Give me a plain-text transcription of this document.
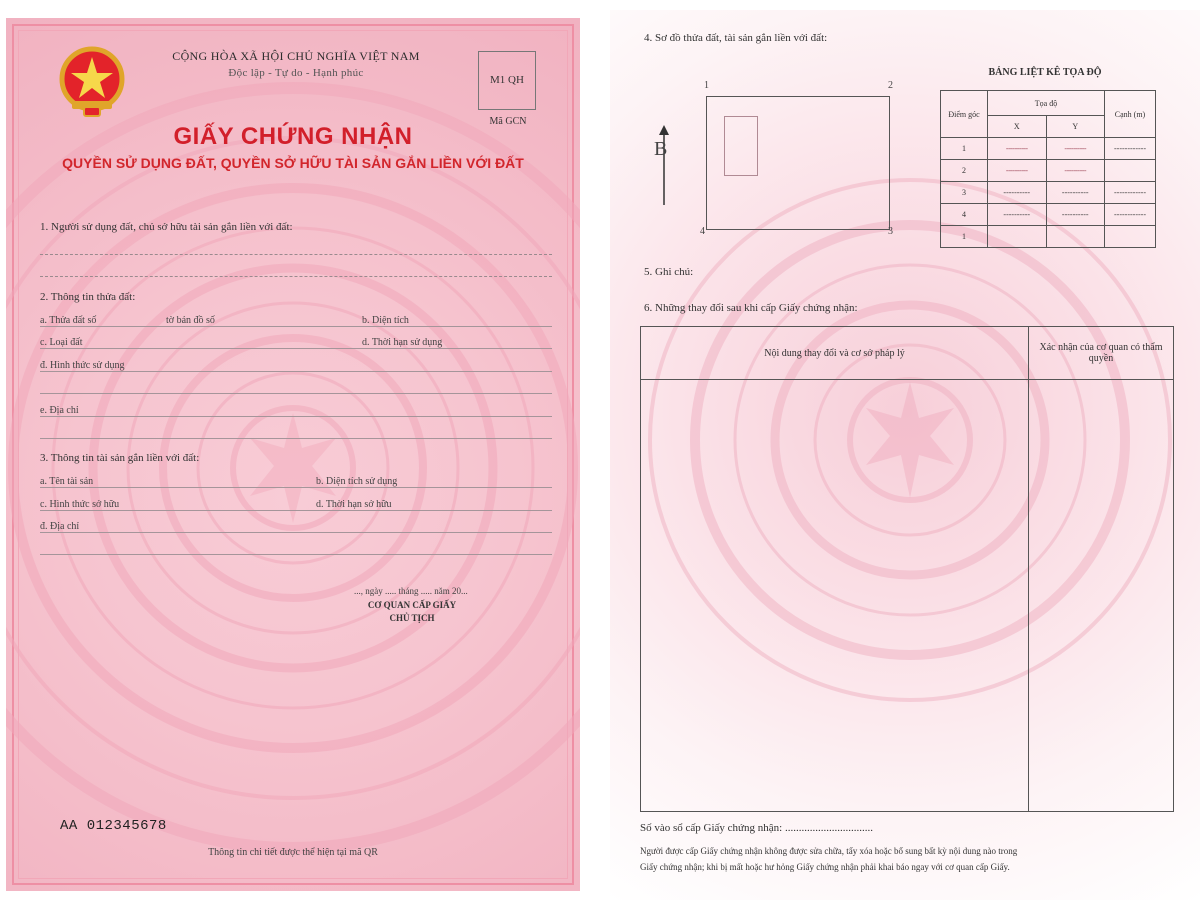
CỘNG HÒA XÃ HỘI CHỦ NGHĨA VIỆT NAM
Độc lập - Tự do - Hạnh phúc
M1 QH
Mã GCN
GIẤY CHỨNG NHẬN
QUYỀN SỬ DỤNG ĐẤT, QUYỀN SỞ HỮU TÀI SẢN GẮN LIỀN VỚI ĐẤT
1. Người sử dụng đất, chủ sở hữu tài sản gắn liền với đất:
2. Thông tin thửa đất:
a. Thửa đất số	tờ bản đồ số	b. Diện tích
c. Loại đất	d. Thời hạn sử dụng
đ. Hình thức sử dụng
e. Địa chỉ
3. Thông tin tài sản gắn liền với đất:
a. Tên tài sản	b. Diện tích sử dụng
c. Hình thức sở hữu	d. Thời hạn sở hữu
đ. Địa chỉ
..., ngày ..... tháng ..... năm 20...
CƠ QUAN CẤP GIẤY
CHỦ TỊCH
AA 012345678
Thông tin chi tiết được thể hiện tại mã QR
4. Sơ đồ thửa đất, tài sản gắn liền với đất:
B
1	2
4	3
BẢNG LIỆT KÊ TỌA ĐỘ
Điểm góc	Tọa độ		Cạnh (m)
	X	Y	
1	----------	----------	------------
2	----------	----------	
3	----------	----------	------------
4	----------	----------	------------
1			
5. Ghi chú:
6. Những thay đổi sau khi cấp Giấy chứng nhận:
Nội dung thay đổi và cơ sở pháp lý	Xác nhận của cơ quan có thẩm quyền

Số vào sổ cấp Giấy chứng nhận: ................................
Người được cấp Giấy chứng nhận không được sửa chữa, tẩy xóa hoặc bổ sung bất kỳ nội dung nào trong
Giấy chứng nhận; khi bị mất hoặc hư hỏng Giấy chứng nhận phải khai báo ngay với cơ quan cấp Giấy.
